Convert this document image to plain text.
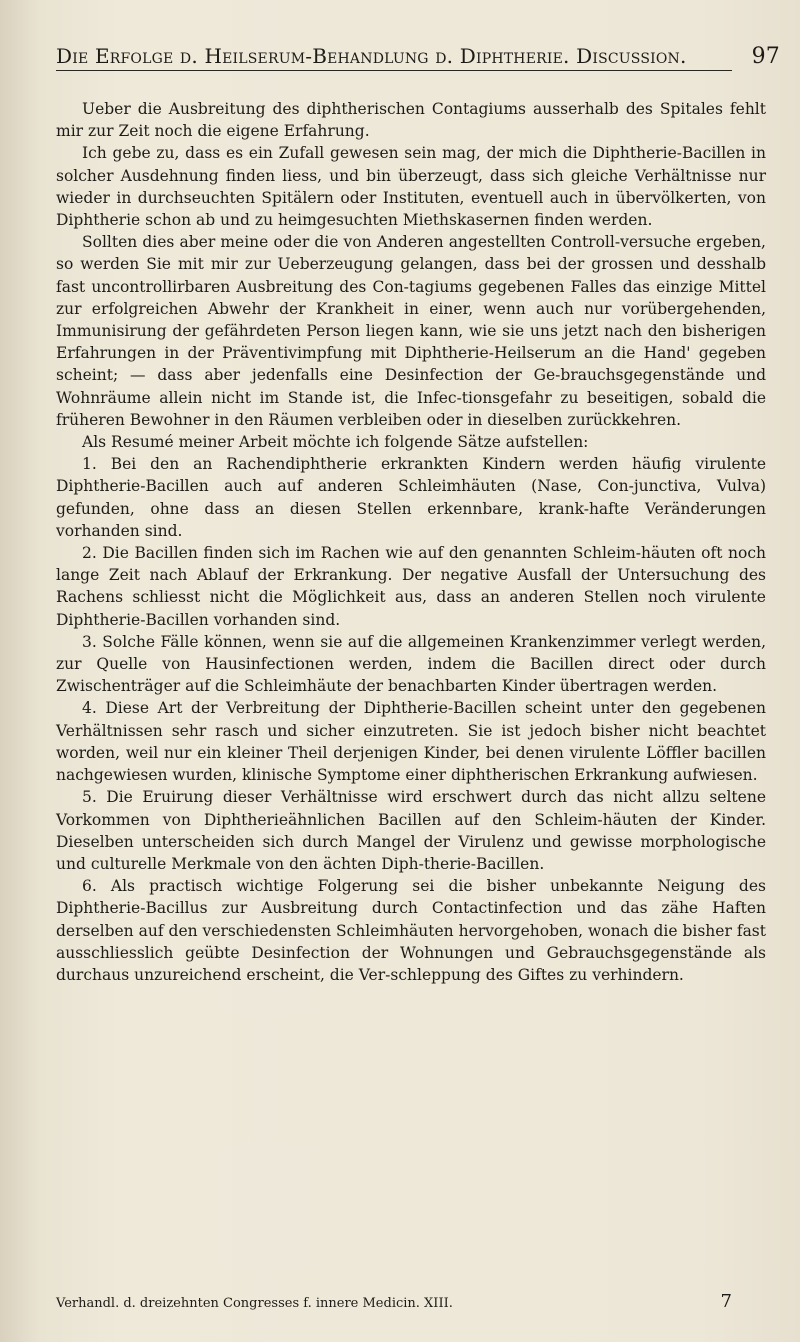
Die Erfolge d. Heilserum-Behandlung d. Diphtherie. Discussion.	97

Ueber die Ausbreitung des diphtherischen Contagiums ausserhalb des Spitales fehlt mir zur Zeit noch die eigene Erfahrung.

Ich gebe zu, dass es ein Zufall gewesen sein mag, der mich die Diphtherie-Bacillen in solcher Ausdehnung finden liess, und bin überzeugt, dass sich gleiche Verhältnisse nur wieder in durchseuchten Spitälern oder Instituten, eventuell auch in übervölkerten, von Diphtherie schon ab und zu heimgesuchten Miethskasernen finden werden.

Sollten dies aber meine oder die von Anderen angestellten Controll-versuche ergeben, so werden Sie mit mir zur Ueberzeugung gelangen, dass bei der grossen und desshalb fast uncontrollirbaren Ausbreitung des Con-tagiums gegebenen Falles das einzige Mittel zur erfolgreichen Abwehr der Krankheit in einer, wenn auch nur vorübergehenden, Immunisirung der gefährdeten Person liegen kann, wie sie uns jetzt nach den bisherigen Erfahrungen in der Präventivimpfung mit Diphtherie-Heilserum an die Hand' gegeben scheint; — dass aber jedenfalls eine Desinfection der Ge-brauchsgegenstände und Wohnräume allein nicht im Stande ist, die Infec-tionsgefahr zu beseitigen, sobald die früheren Bewohner in den Räumen verbleiben oder in dieselben zurückkehren.

Als Resumé meiner Arbeit möchte ich folgende Sätze aufstellen:

1. Bei den an Rachendiphtherie erkrankten Kindern werden häufig virulente Diphtherie-Bacillen auch auf anderen Schleimhäuten (Nase, Con-junctiva, Vulva) gefunden, ohne dass an diesen Stellen erkennbare, krank-hafte Veränderungen vorhanden sind.

2. Die Bacillen finden sich im Rachen wie auf den genannten Schleim-häuten oft noch lange Zeit nach Ablauf der Erkrankung. Der negative Ausfall der Untersuchung des Rachens schliesst nicht die Möglichkeit aus, dass an anderen Stellen noch virulente Diphtherie-Bacillen vorhanden sind.

3. Solche Fälle können, wenn sie auf die allgemeinen Krankenzimmer verlegt werden, zur Quelle von Hausinfectionen werden, indem die Bacillen direct oder durch Zwischenträger auf die Schleimhäute der benachbarten Kinder übertragen werden.

4. Diese Art der Verbreitung der Diphtherie-Bacillen scheint unter den gegebenen Verhältnissen sehr rasch und sicher einzutreten. Sie ist jedoch bisher nicht beachtet worden, weil nur ein kleiner Theil derjenigen Kinder, bei denen virulente Löffler bacillen nachgewiesen wurden, klinische Symptome einer diphtherischen Erkrankung aufwiesen.

5. Die Eruirung dieser Verhältnisse wird erschwert durch das nicht allzu seltene Vorkommen von Diphtherieähnlichen Bacillen auf den Schleim-häuten der Kinder. Dieselben unterscheiden sich durch Mangel der Virulenz und gewisse morphologische und culturelle Merkmale von den ächten Diph-therie-Bacillen.

6. Als practisch wichtige Folgerung sei die bisher unbekannte Neigung des Diphtherie-Bacillus zur Ausbreitung durch Contactinfection und das zähe Haften derselben auf den verschiedensten Schleimhäuten hervorgehoben, wonach die bisher fast ausschliesslich geübte Desinfection der Wohnungen und Gebrauchsgegenstände als durchaus unzureichend erscheint, die Ver-schleppung des Giftes zu verhindern.

Verhandl. d. dreizehnten Congresses f. innere Medicin. XIII.	7
